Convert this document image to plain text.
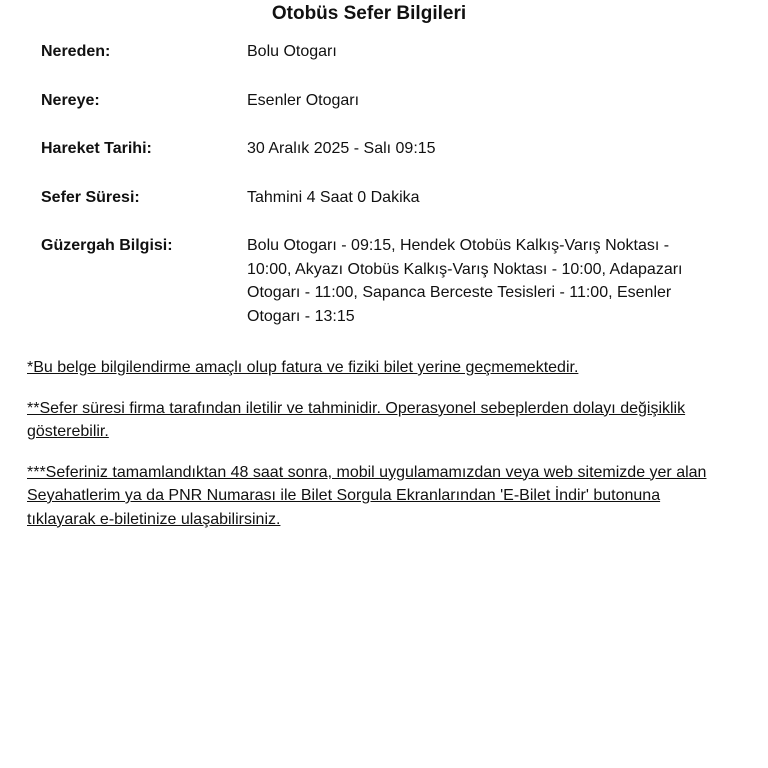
Otobüs Sefer Bilgileri
Nereden:	Bolu Otogarı
Nereye:	Esenler Otogarı
Hareket Tarihi:	30 Aralık 2025 - Salı 09:15
Sefer Süresi:	Tahmini 4 Saat 0 Dakika
Güzergah Bilgisi:	Bolu Otogarı - 09:15, Hendek Otobüs Kalkış-Varış Noktası - 10:00, Akyazı Otobüs Kalkış-Varış Noktası - 10:00, Adapazarı Otogarı - 11:00, Sapanca Berceste Tesisleri - 11:00, Esenler Otogarı - 13:15

*Bu belge bilgilendirme amaçlı olup fatura ve fiziki bilet yerine geçmemektedir.

**Sefer süresi firma tarafından iletilir ve tahminidir. Operasyonel sebeplerden dolayı değişiklik gösterebilir.

***Seferiniz tamamlandıktan 48 saat sonra, mobil uygulamamızdan veya web sitemizde yer alan Seyahatlerim ya da PNR Numarası ile Bilet Sorgula Ekranlarından 'E-Bilet İndir' butonuna tıklayarak e-biletinize ulaşabilirsiniz.
